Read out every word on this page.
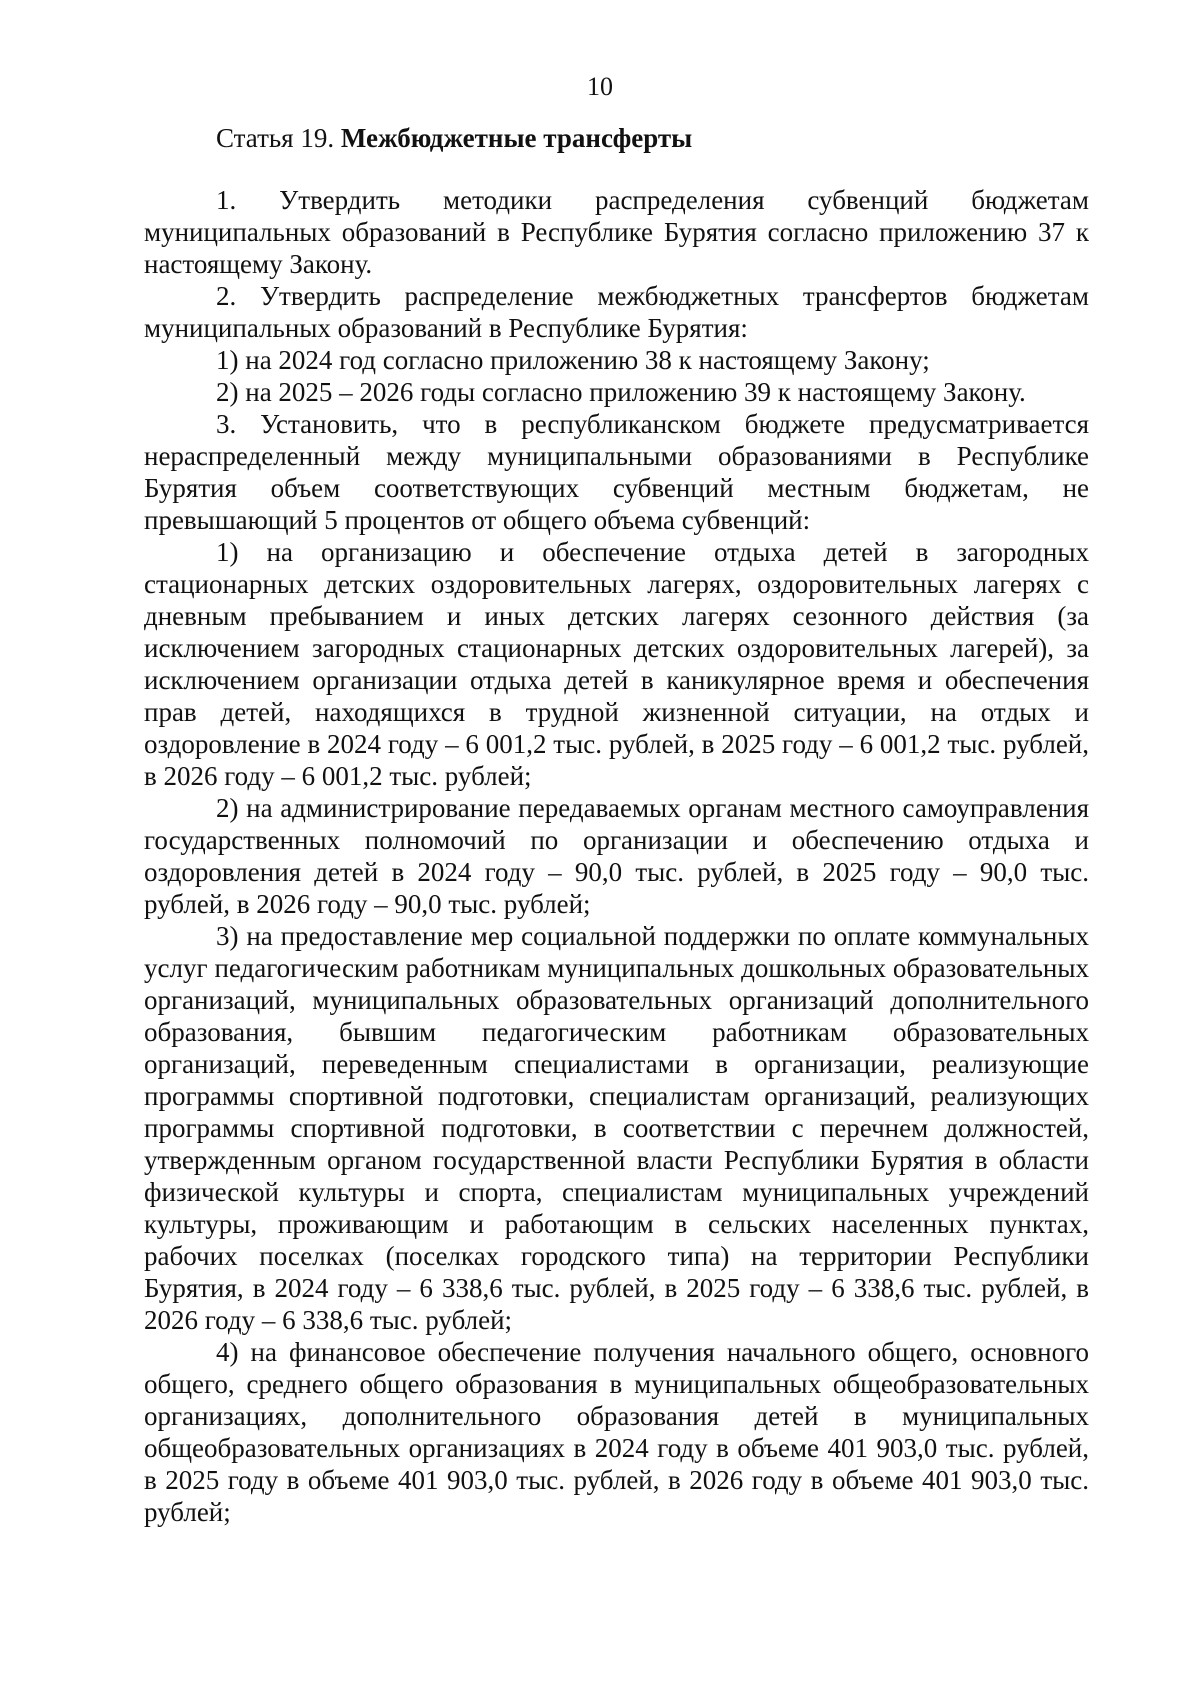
10
Статья 19. Межбюджетные трансферты

1. Утвердить методики распределения субвенций бюджетам муниципальных образований в Республике Бурятия согласно приложению 37 к настоящему Закону.

2. Утвердить распределение межбюджетных трансфертов бюджетам муниципальных образований в Республике Бурятия:

1) на 2024 год согласно приложению 38 к настоящему Закону;

2) на 2025 – 2026 годы согласно приложению 39 к настоящему Закону.

3. Установить, что в республиканском бюджете предусматривается нераспределенный между муниципальными образованиями в Республике Бурятия объем соответствующих субвенций местным бюджетам, не превышающий 5 процентов от общего объема субвенций:

1) на организацию и обеспечение отдыха детей в загородных стационарных детских оздоровительных лагерях, оздоровительных лагерях с дневным пребыванием и иных детских лагерях сезонного действия (за исключением загородных стационарных детских оздоровительных лагерей), за исключением организации отдыха детей в каникулярное время и обеспечения прав детей, находящихся в трудной жизненной ситуации, на отдых и оздоровление в 2024 году – 6 001,2 тыс. рублей, в 2025 году – 6 001,2 тыс. рублей, в 2026 году – 6 001,2 тыс. рублей;

2) на администрирование передаваемых органам местного самоуправления государственных полномочий по организации и обеспечению отдыха и оздоровления детей в 2024 году – 90,0 тыс. рублей, в 2025 году – 90,0 тыс. рублей, в 2026 году – 90,0 тыс. рублей;

3) на предоставление мер социальной поддержки по оплате коммунальных услуг педагогическим работникам муниципальных дошкольных образовательных организаций, муниципальных образовательных организаций дополнительного образования, бывшим педагогическим работникам образовательных организаций, переведенным специалистами в организации, реализующие программы спортивной подготовки, специалистам организаций, реализующих программы спортивной подготовки, в соответствии с перечнем должностей, утвержденным органом государственной власти Республики Бурятия в области физической культуры и спорта, специалистам муниципальных учреждений культуры, проживающим и работающим в сельских населенных пунктах, рабочих поселках (поселках городского типа) на территории Республики Бурятия, в 2024 году – 6 338,6 тыс. рублей, в 2025 году – 6 338,6 тыс. рублей, в 2026 году – 6 338,6 тыс. рублей;

4) на финансовое обеспечение получения начального общего, основного общего, среднего общего образования в муниципальных общеобразовательных организациях, дополнительного образования детей в муниципальных общеобразовательных организациях в 2024 году в объеме 401 903,0 тыс. рублей, в 2025 году в объеме 401 903,0 тыс. рублей, в 2026 году в объеме 401 903,0 тыс. рублей;
